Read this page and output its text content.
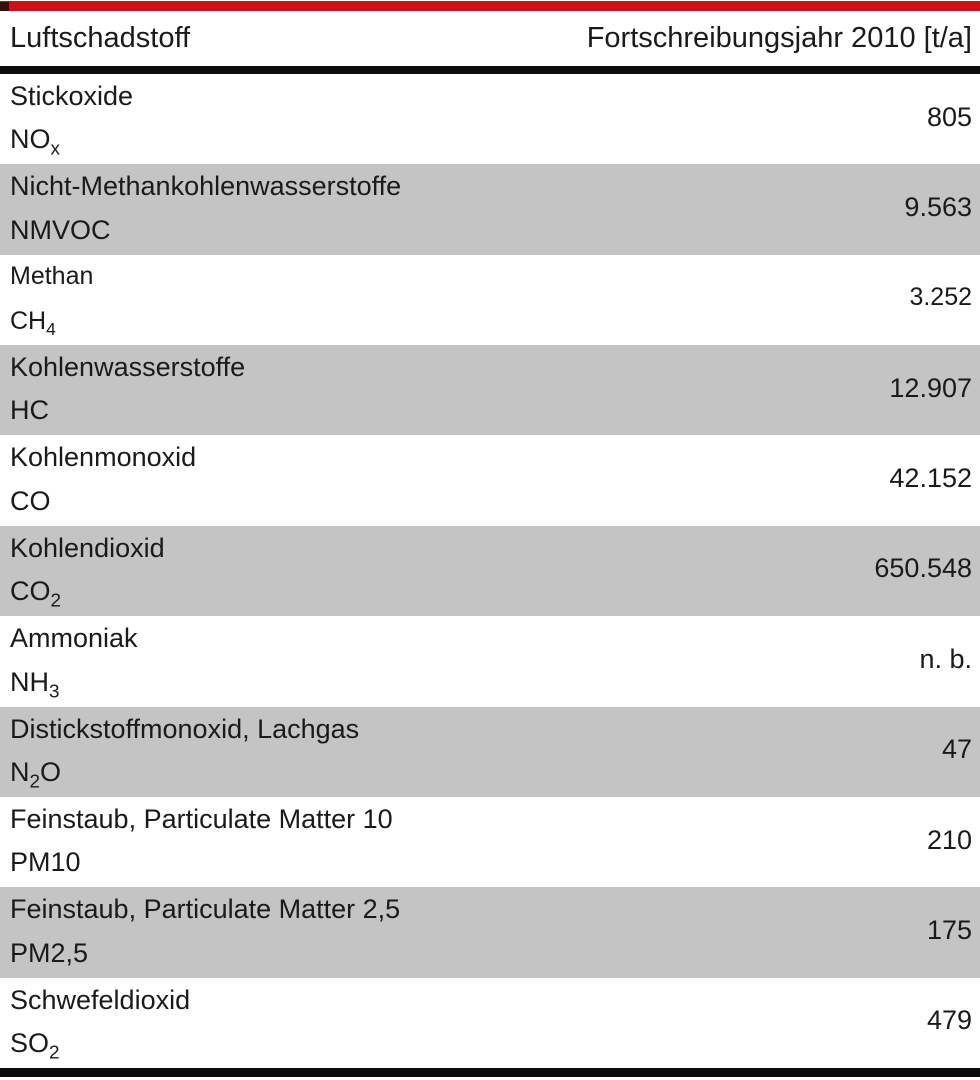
Luftschadstoff	Fortschreibungsjahr 2010 [t/a]
Stickoxide
$NO_x$
805
Nicht-Methankohlenwasserstoffe
NMVOC
9.563
Methan
$CH_4$
3.252
Kohlenwasserstoffe
HC
12.907
Kohlenmonoxid
CO
42.152
Kohlendioxid
$CO_2$
650.548
Ammoniak
$NH_3$
n. b.
Distickstoffmonoxid, Lachgas
$N_2O$
47
Feinstaub, Particulate Matter 10
PM10
210
Feinstaub, Particulate Matter 2,5
PM2,5
175
Schwefeldioxid
$SO_2$
479
